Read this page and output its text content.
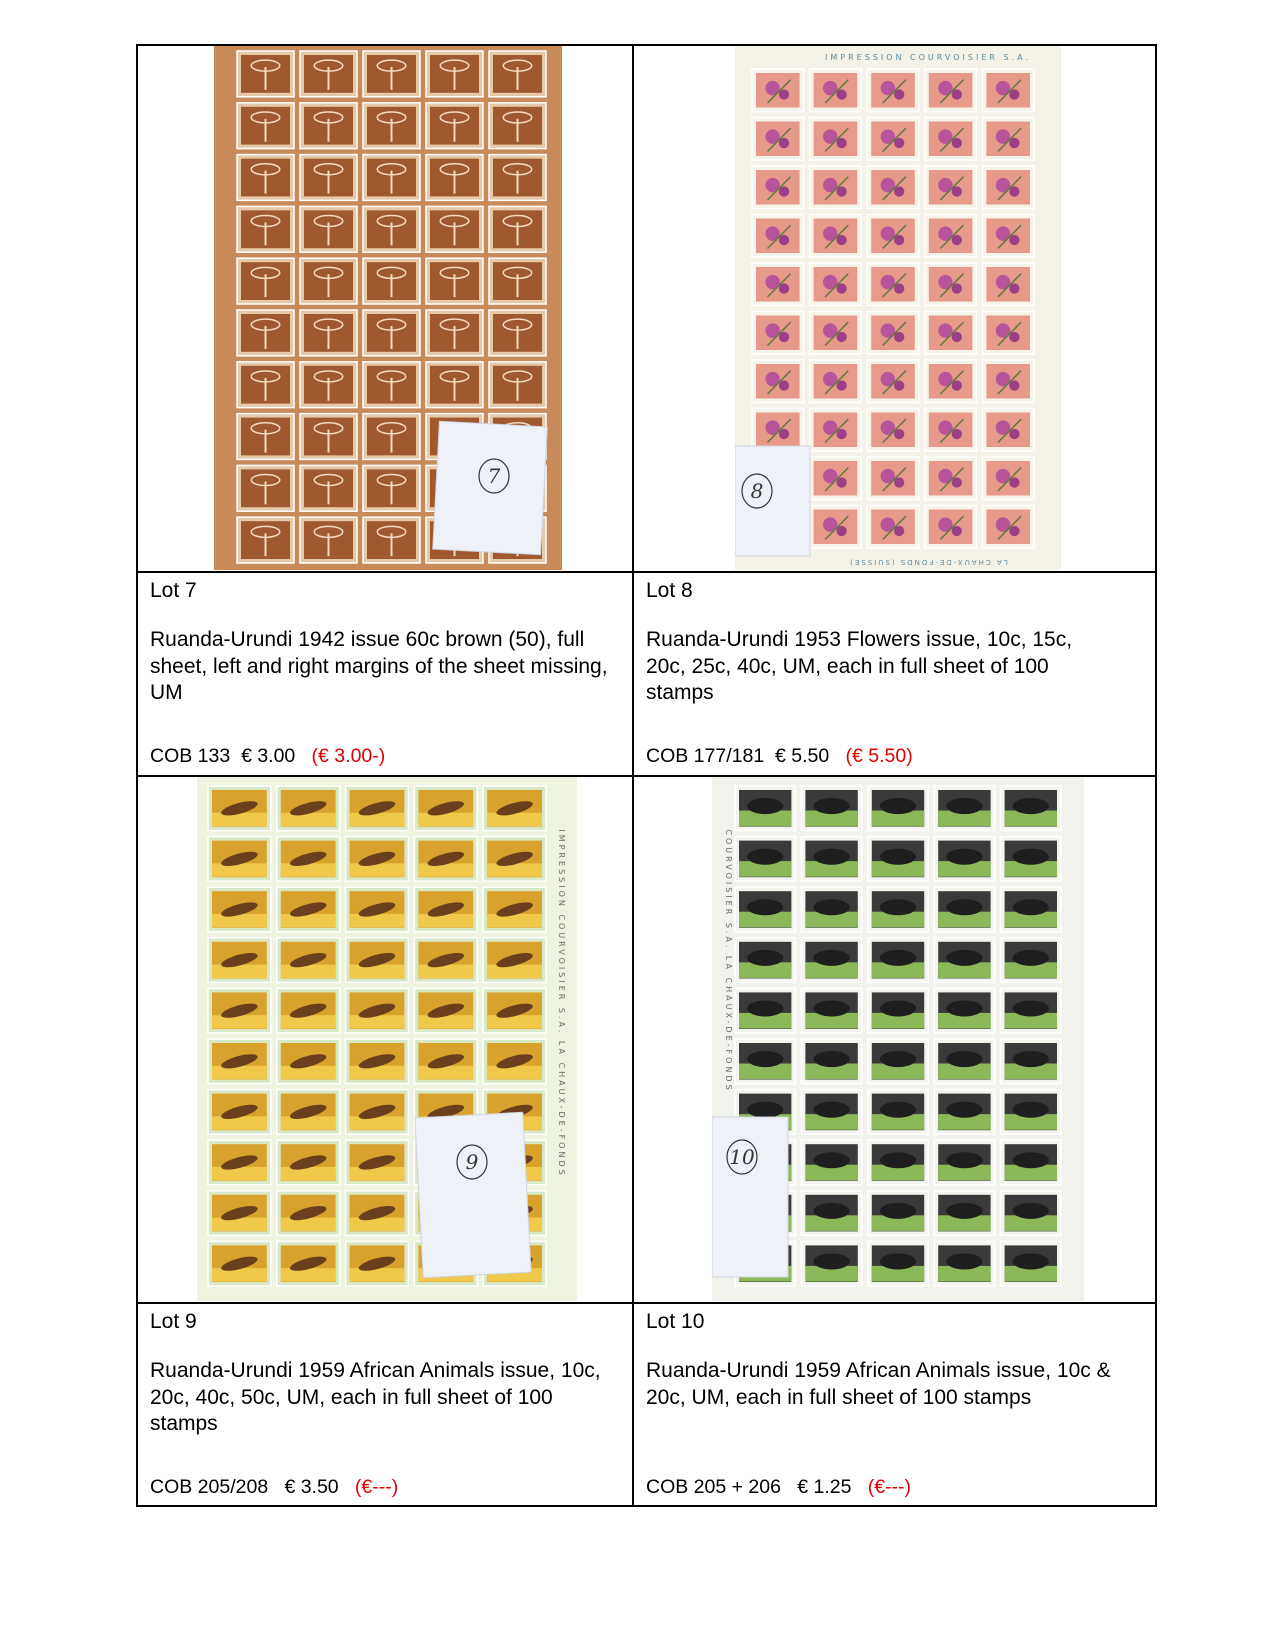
7
8
IMPRESSION COURVOISIER S.A.
LA CHAUX-DE-FONDS (SUISSE)
9	IMPRESSION COURVOISIER S.A. LA CHAUX-DE-FONDS	10
COURVOISIER S.A. LA CHAUX-DE-FONDS
Lot 7
Ruanda-Urundi 1942 issue 60c brown (50), full sheet, left and right margins of the sheet missing, UM
COB 133 € 3.00 (€ 3.00-)
Lot 8
Ruanda-Urundi 1953 Flowers issue, 10c, 15c, 20c, 25c, 40c, UM, each in full sheet of 100 stamps
COB 177/181 € 5.50 (€ 5.50)
Lot 9
Ruanda-Urundi 1959 African Animals issue, 10c, 20c, 40c, 50c, UM, each in full sheet of 100 stamps
COB 205/208 € 3.50 (€---)
Lot 10
Ruanda-Urundi 1959 African Animals issue, 10c & 20c, UM, each in full sheet of 100 stamps
COB 205 + 206 € 1.25 (€---)
